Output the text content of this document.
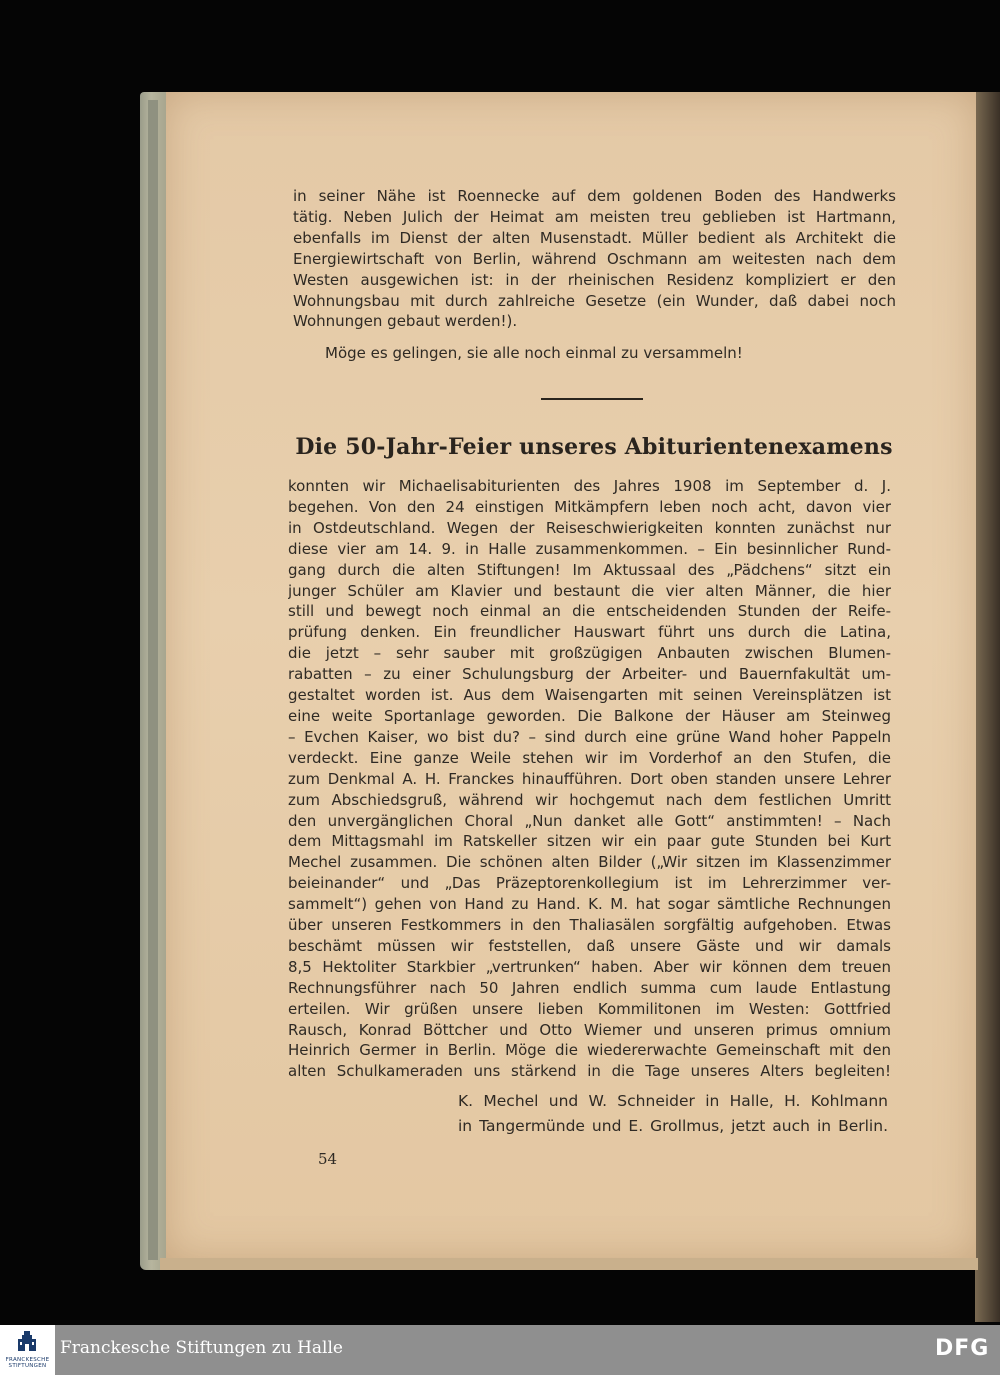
in seiner Nähe ist Roennecke auf dem goldenen Boden des Handwerks
tätig. Neben Julich der Heimat am meisten treu geblieben ist Hartmann,
ebenfalls im Dienst der alten Musenstadt. Müller bedient als Architekt die
Energiewirtschaft von Berlin, während Oschmann am weitesten nach dem
Westen ausgewichen ist: in der rheinischen Residenz kompliziert er den
Wohnungsbau mit durch zahlreiche Gesetze (ein Wunder, daß dabei noch
Wohnungen gebaut werden!).
Möge es gelingen, sie alle noch einmal zu versammeln!
Die 50-Jahr-Feier unseres Abiturientenexamens
konnten wir Michaelisabiturienten des Jahres 1908 im September d. J.
begehen. Von den 24 einstigen Mitkämpfern leben noch acht, davon vier
in Ostdeutschland. Wegen der Reiseschwierigkeiten konnten zunächst nur
diese vier am 14. 9. in Halle zusammenkommen. – Ein besinnlicher Rund-
gang durch die alten Stiftungen! Im Aktussaal des „Pädchens“ sitzt ein
junger Schüler am Klavier und bestaunt die vier alten Männer, die hier
still und bewegt noch einmal an die entscheidenden Stunden der Reife-
prüfung denken. Ein freundlicher Hauswart führt uns durch die Latina,
die jetzt – sehr sauber mit großzügigen Anbauten zwischen Blumen-
rabatten – zu einer Schulungsburg der Arbeiter- und Bauernfakultät um-
gestaltet worden ist. Aus dem Waisengarten mit seinen Vereinsplätzen ist
eine weite Sportanlage geworden. Die Balkone der Häuser am Steinweg
– Evchen Kaiser, wo bist du? – sind durch eine grüne Wand hoher Pappeln
verdeckt. Eine ganze Weile stehen wir im Vorderhof an den Stufen, die
zum Denkmal A. H. Franckes hinaufführen. Dort oben standen unsere Lehrer
zum Abschiedsgruß, während wir hochgemut nach dem festlichen Umritt
den unvergänglichen Choral „Nun danket alle Gott“ anstimmten! – Nach
dem Mittagsmahl im Ratskeller sitzen wir ein paar gute Stunden bei Kurt
Mechel zusammen. Die schönen alten Bilder („Wir sitzen im Klassenzimmer
beieinander“ und „Das Präzeptorenkollegium ist im Lehrerzimmer ver-
sammelt“) gehen von Hand zu Hand. K. M. hat sogar sämtliche Rechnungen
über unseren Festkommers in den Thaliasälen sorgfältig aufgehoben. Etwas
beschämt müssen wir feststellen, daß unsere Gäste und wir damals
8,5 Hektoliter Starkbier „vertrunken“ haben. Aber wir können dem treuen
Rechnungsführer nach 50 Jahren endlich summa cum laude Entlastung
erteilen. Wir grüßen unsere lieben Kommilitonen im Westen: Gottfried
Rausch, Konrad Böttcher und Otto Wiemer und unseren primus omnium
Heinrich Germer in Berlin. Möge die wiedererwachte Gemeinschaft mit den
alten Schulkameraden uns stärkend in die Tage unseres Alters begleiten!
K. Mechel und W. Schneider in Halle, H. Kohlmann
in Tangermünde und E. Grollmus, jetzt auch in Berlin.
54
FRANCKESCHE
STIFTUNGEN
Franckesche Stiftungen zu Halle	DFG
